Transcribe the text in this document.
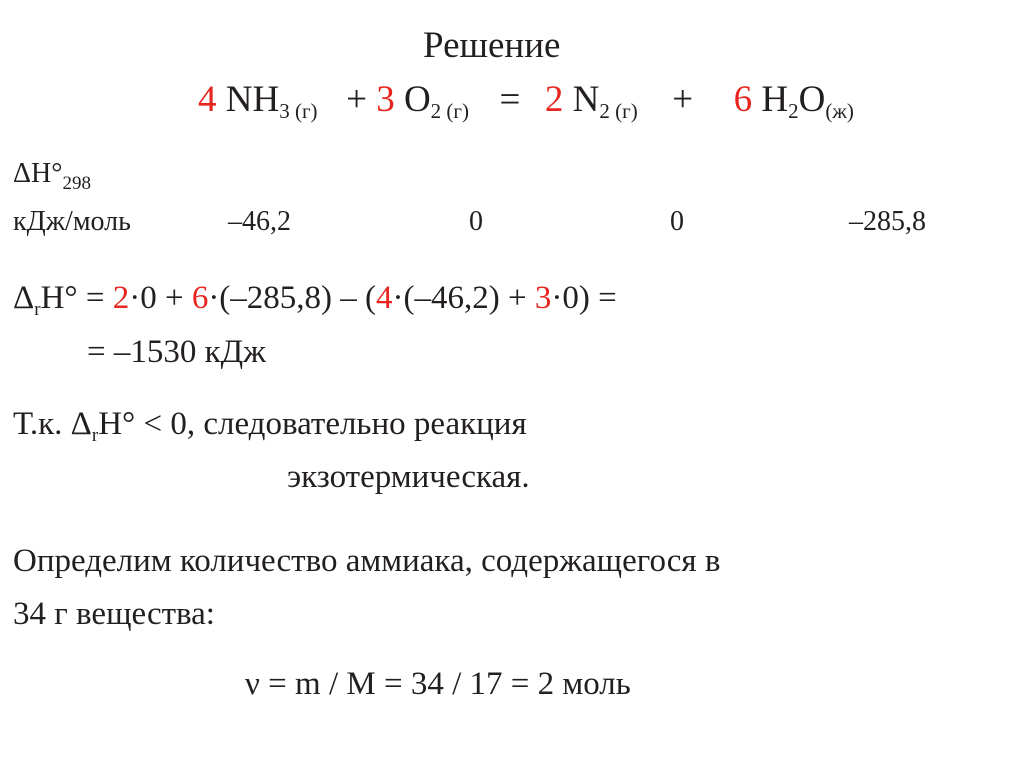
Решение
4 $NH_{3 (г)} + 3$ $O_{2 (г)} = 2$ $N_{2 (г)} + 6$ $H_2O_{(ж)}$
$\Delta H^\circ_{298}$
кДж/моль	–46,2	0	0	–285,8
$\Delta_rH^\circ = 2\cdot 0 + 6\cdot(-285,8) - (4\cdot(-46,2) + 3\cdot 0)$ =
= –1530 кДж
Т.к. $\Delta_rH^\circ < 0$, следовательно реакция
экзотермическая.
Определим количество аммиака, содержащегося в
34 г вещества:
ν = m / M = 34 / 17 = 2 моль
